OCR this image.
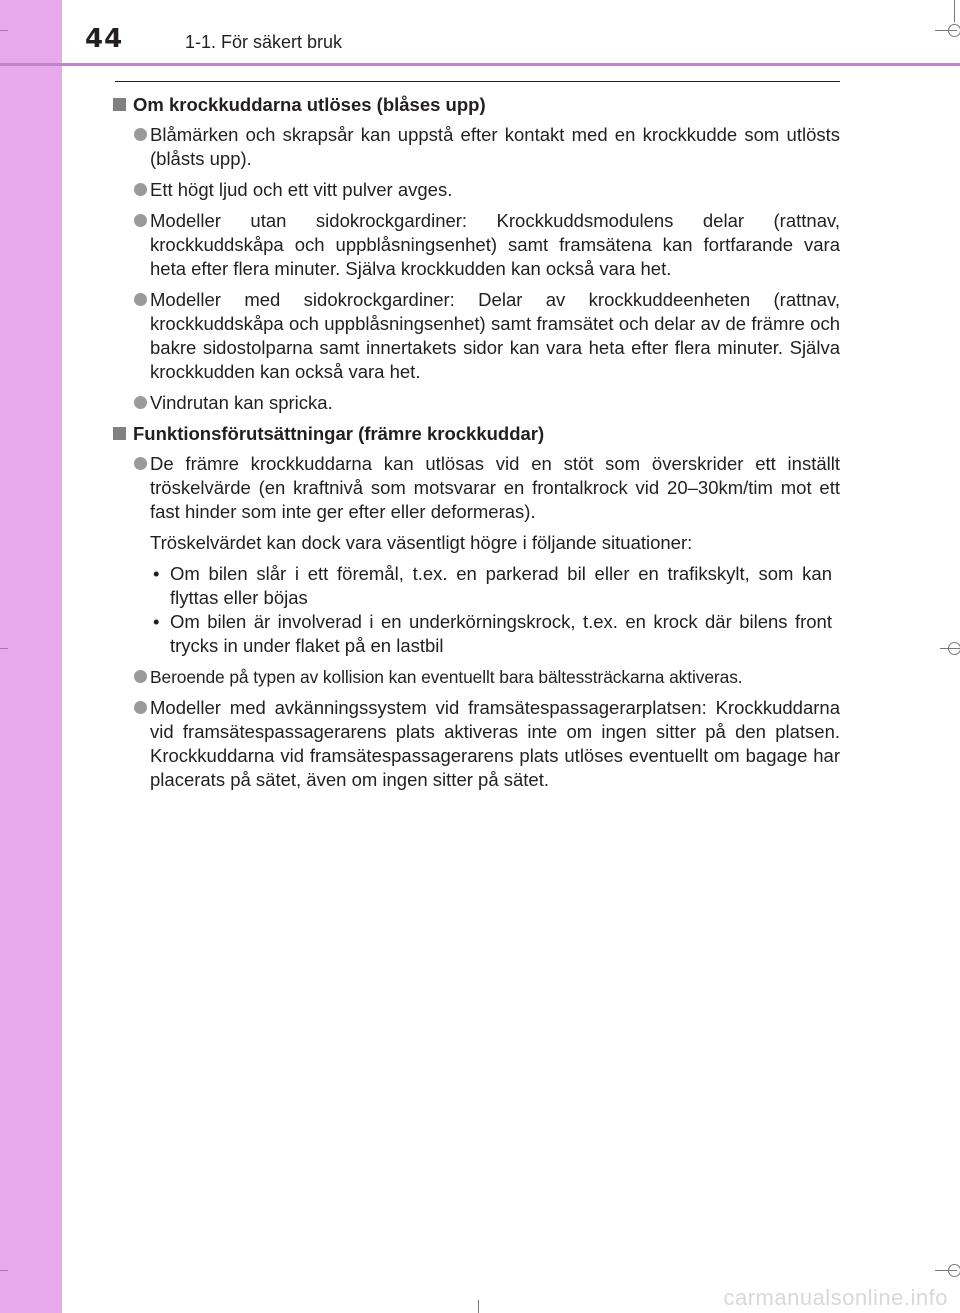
44	1-1. För säkert bruk
Om krockkuddarna utlöses (blåses upp)
Blåmärken och skrapsår kan uppstå efter kontakt med en krockkudde som utlösts (blåsts upp).
Ett högt ljud och ett vitt pulver avges.
Modeller utan sidokrockgardiner: Krockkuddsmodulens delar (rattnav, krockkuddskåpa och uppblåsningsenhet) samt framsätena kan fortfarande vara heta efter flera minuter. Själva krockkudden kan också vara het.
Modeller med sidokrockgardiner: Delar av krockkuddeenheten (rattnav, krockkuddskåpa och uppblåsningsenhet) samt framsätet och delar av de främre och bakre sidostolparna samt innertakets sidor kan vara heta efter flera minuter. Själva krockkudden kan också vara het.
Vindrutan kan spricka.
Funktionsförutsättningar (främre krockkuddar)
De främre krockkuddarna kan utlösas vid en stöt som överskrider ett inställt tröskelvärde (en kraftnivå som motsvarar en frontalkrock vid 20–30km/tim mot ett fast hinder som inte ger efter eller deformeras).
Tröskelvärdet kan dock vara väsentligt högre i följande situationer:
• Om bilen slår i ett föremål, t.ex. en parkerad bil eller en trafikskylt, som kan flyttas eller böjas
• Om bilen är involverad i en underkörningskrock, t.ex. en krock där bilens front trycks in under flaket på en lastbil
Beroende på typen av kollision kan eventuellt bara bältessträckarna aktiveras.
Modeller med avkänningssystem vid framsätespassagerarplatsen: Krockkuddarna vid framsätespassagerarens plats aktiveras inte om ingen sitter på den platsen. Krockkuddarna vid framsätespassagerarens plats utlöses eventuellt om bagage har placerats på sätet, även om ingen sitter på sätet.
carmanualsonline.info
